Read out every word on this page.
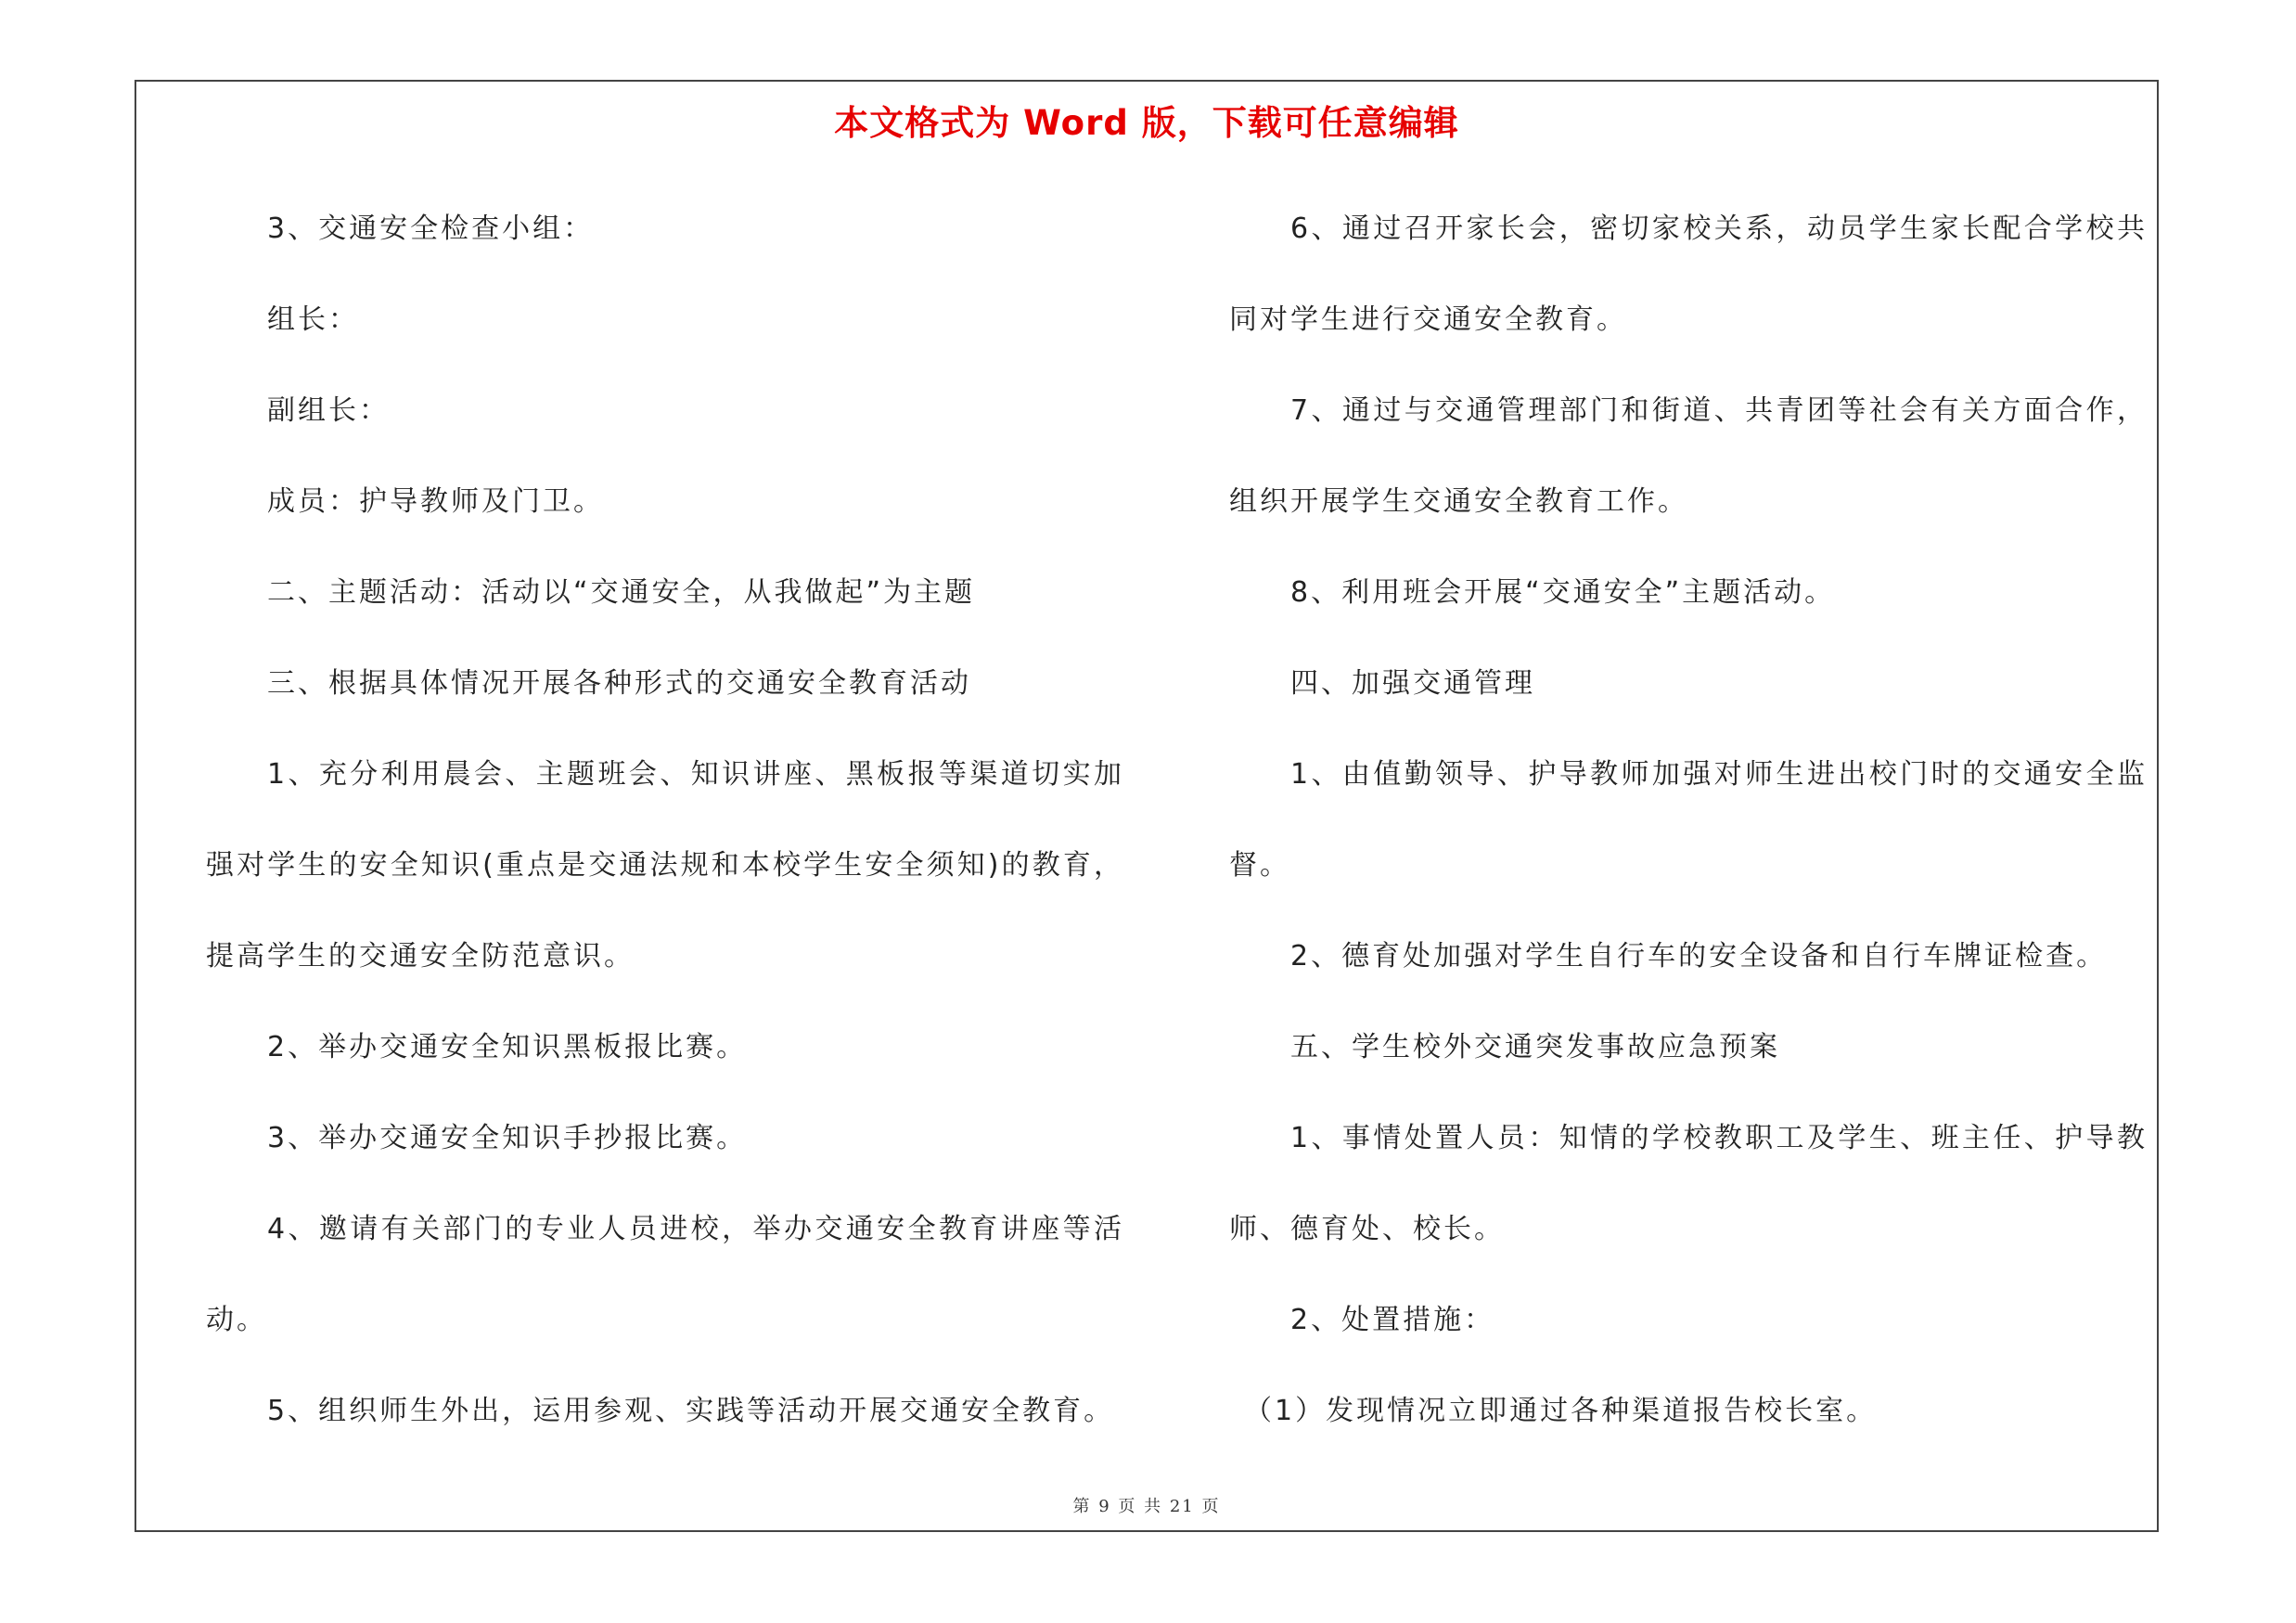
本文格式为 Word 版，下载可任意编辑

3、交通安全检查小组：

组长：

副组长：

成员：护导教师及门卫。

二、主题活动：活动以“交通安全，从我做起”为主题

三、根据具体情况开展各种形式的交通安全教育活动

1、充分利用晨会、主题班会、知识讲座、黑板报等渠道切实加强对学生的安全知识(重点是交通法规和本校学生安全须知)的教育，提高学生的交通安全防范意识。

2、举办交通安全知识黑板报比赛。

3、举办交通安全知识手抄报比赛。

4、邀请有关部门的专业人员进校，举办交通安全教育讲座等活动。

5、组织师生外出，运用参观、实践等活动开展交通安全教育。

6、通过召开家长会，密切家校关系，动员学生家长配合学校共同对学生进行交通安全教育。

7、通过与交通管理部门和街道、共青团等社会有关方面合作，组织开展学生交通安全教育工作。

8、利用班会开展“交通安全”主题活动。

四、加强交通管理

1、由值勤领导、护导教师加强对师生进出校门时的交通安全监督。

2、德育处加强对学生自行车的安全设备和自行车牌证检查。

五、学生校外交通突发事故应急预案

1、事情处置人员：知情的学校教职工及学生、班主任、护导教师、德育处、校长。

2、处置措施：

（1）发现情况立即通过各种渠道报告校长室。

第 9 页 共 21 页
